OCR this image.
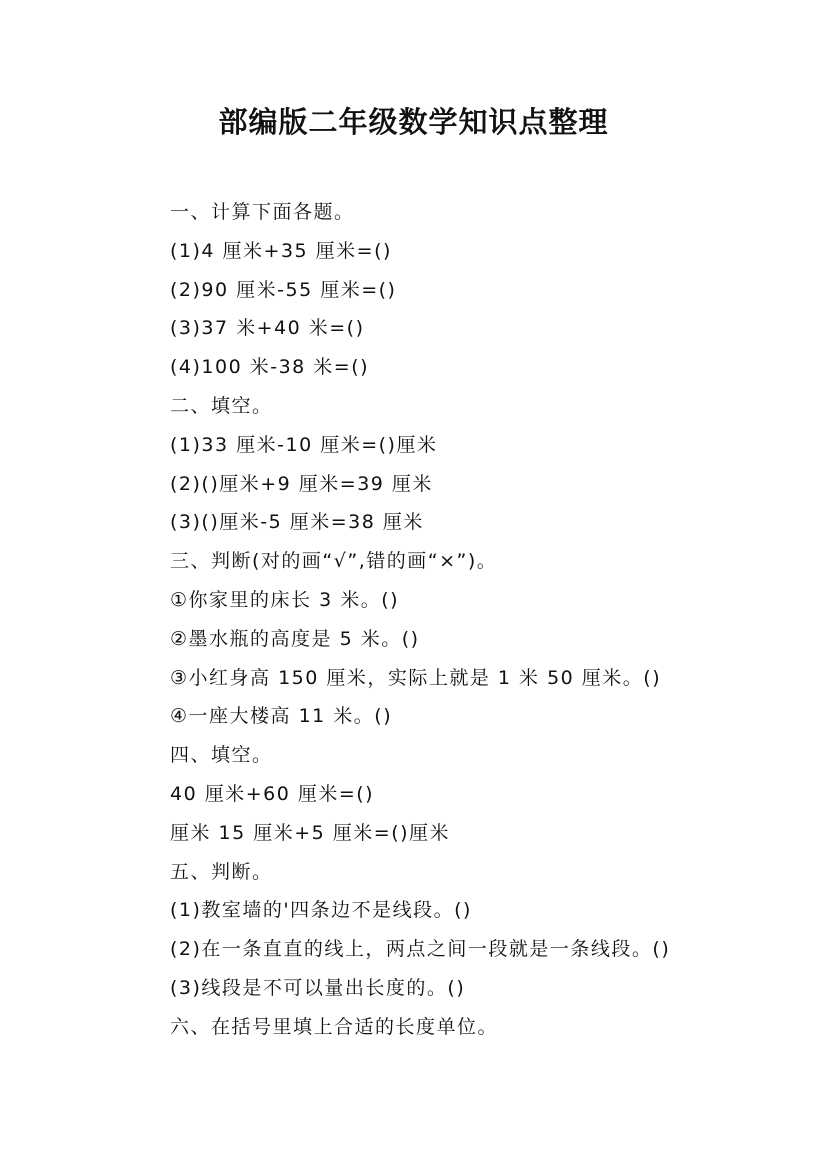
部编版二年级数学知识点整理
一、计算下面各题。
(1)4 厘米+35 厘米=()
(2)90 厘米-55 厘米=()
(3)37 米+40 米=()
(4)100 米-38 米=()
二、填空。
(1)33 厘米-10 厘米=()厘米
(2)()厘米+9 厘米=39 厘米
(3)()厘米-5 厘米=38 厘米
三、判断(对的画“√”,错的画“×”)。
①你家里的床长 3 米。()
②墨水瓶的高度是 5 米。()
③小红身高 150 厘米，实际上就是 1 米 50 厘米。()
④一座大楼高 11 米。()
四、填空。
40 厘米+60 厘米=()
厘米 15 厘米+5 厘米=()厘米
五、判断。
(1)教室墙的'四条边不是线段。()
(2)在一条直直的线上，两点之间一段就是一条线段。()
(3)线段是不可以量出长度的。()
六、在括号里填上合适的长度单位。
